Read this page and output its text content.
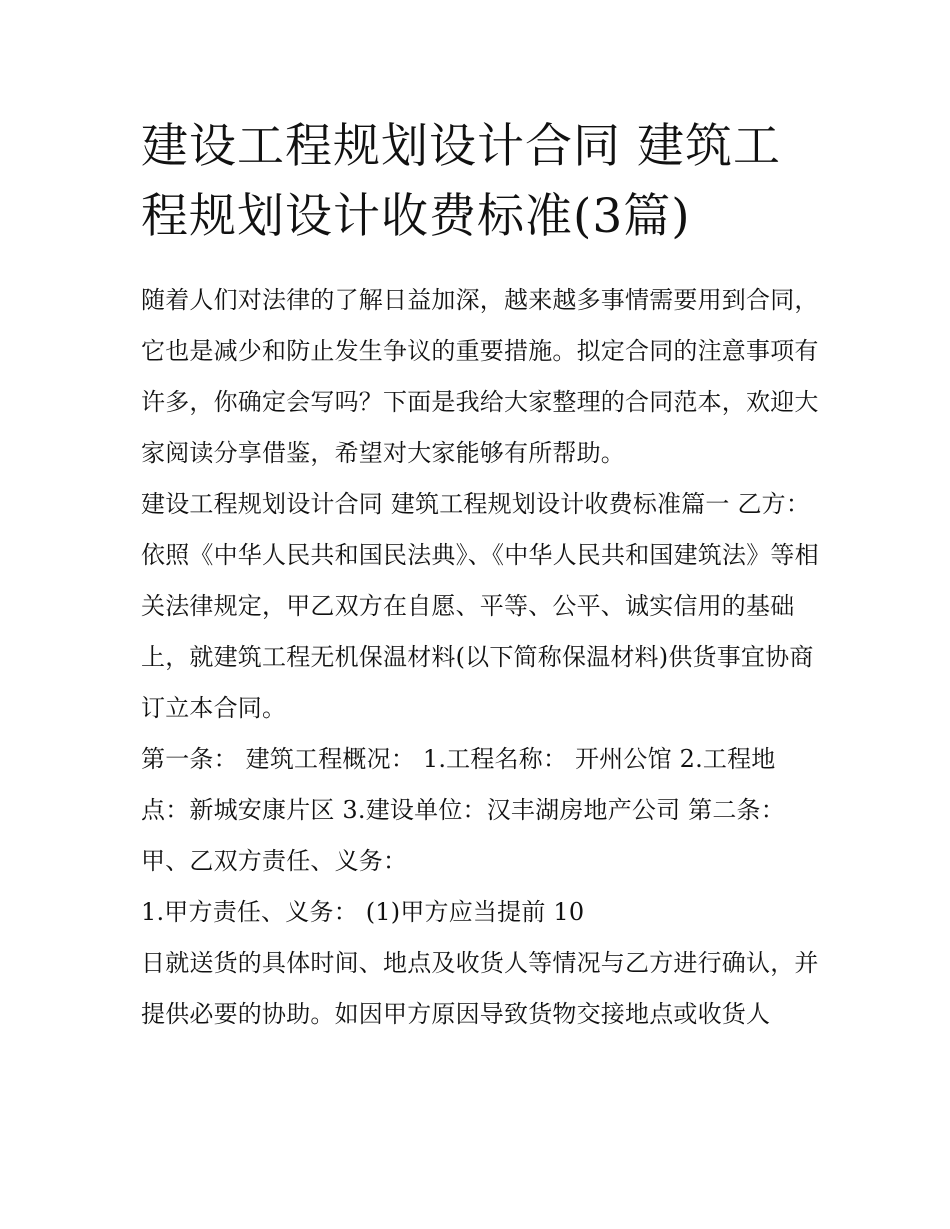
建设工程规划设计合同 建筑工程规划设计收费标准(3篇)

随着人们对法律的了解日益加深，越来越多事情需要用到合同，它也是减少和防止发生争议的重要措施。拟定合同的注意事项有许多，你确定会写吗？下面是我给大家整理的合同范本，欢迎大家阅读分享借鉴，希望对大家能够有所帮助。

建设工程规划设计合同 建筑工程规划设计收费标准篇一 乙方：

依照《中华人民共和国民法典》、《中华人民共和国建筑法》等相关法律规定，甲乙双方在自愿、平等、公平、诚实信用的基础上，就建筑工程无机保温材料(以下简称保温材料)供货事宜协商订立本合同。

第一条： 建筑工程概况： 1.工程名称： 开州公馆 2.工程地点：新城安康片区 3.建设单位：汉丰湖房地产公司 第二条：甲、乙双方责任、义务：

1.甲方责任、义务： (1)甲方应当提前 10

日就送货的具体时间、地点及收货人等情况与乙方进行确认，并提供必要的协助。如因甲方原因导致货物交接地点或收货人
